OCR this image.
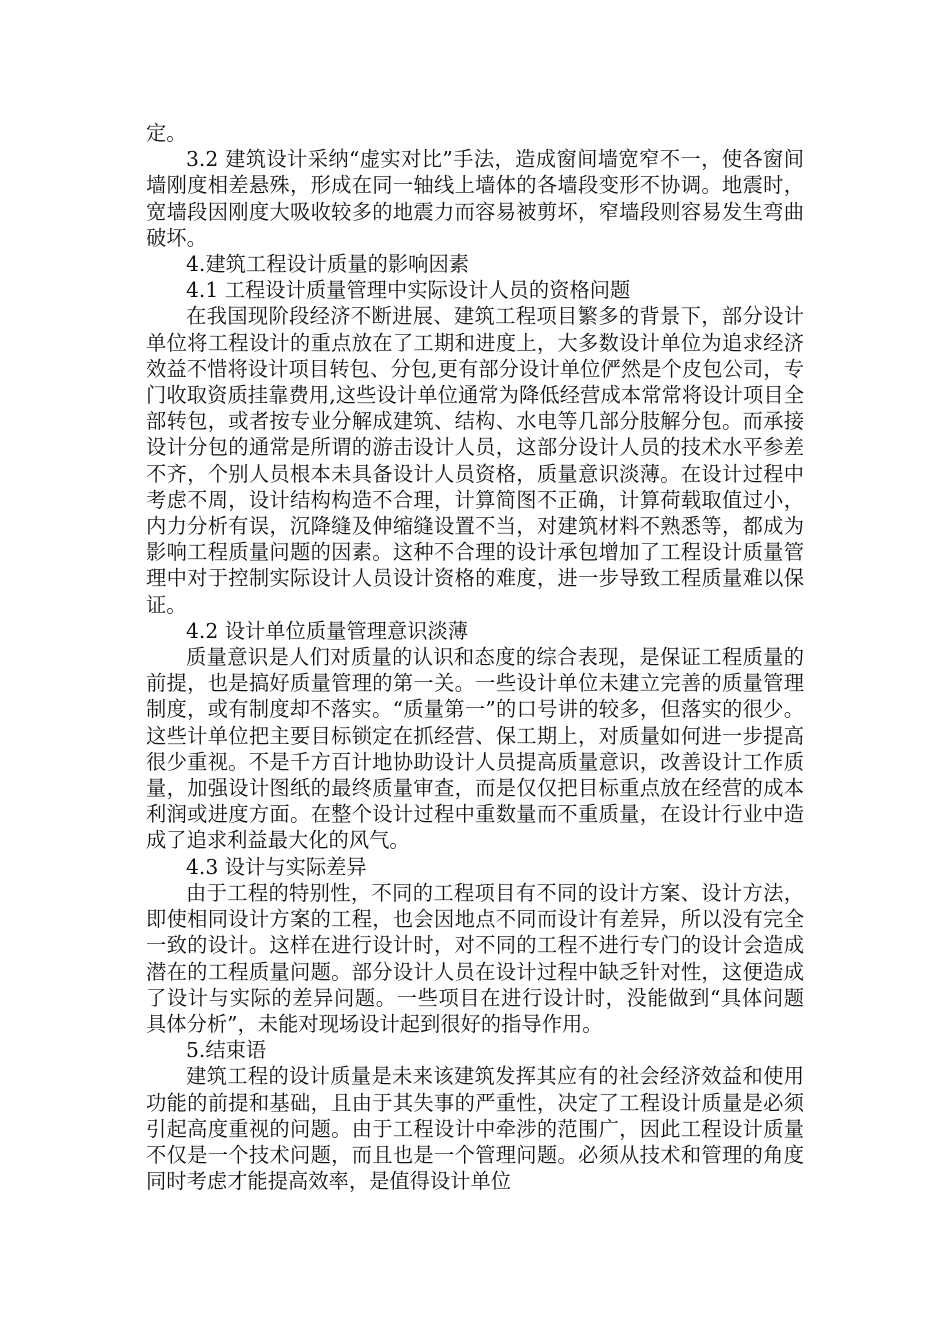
定。

3.2 建筑设计采纳“虚实对比”手法，造成窗间墙宽窄不一，使各窗间墙刚度相差悬殊，形成在同一轴线上墙体的各墙段变形不协调。地震时，宽墙段因刚度大吸收较多的地震力而容易被剪坏，窄墙段则容易发生弯曲破坏。

4.建筑工程设计质量的影响因素

4.1 工程设计质量管理中实际设计人员的资格问题

在我国现阶段经济不断进展、建筑工程项目繁多的背景下，部分设计单位将工程设计的重点放在了工期和进度上，大多数设计单位为追求经济效益不惜将设计项目转包、分包,更有部分设计单位俨然是个皮包公司，专门收取资质挂靠费用,这些设计单位通常为降低经营成本常常将设计项目全部转包，或者按专业分解成建筑、结构、水电等几部分肢解分包。而承接设计分包的通常是所谓的游击设计人员，这部分设计人员的技术水平参差不齐，个别人员根本未具备设计人员资格，质量意识淡薄。在设计过程中考虑不周，设计结构构造不合理，计算简图不正确，计算荷载取值过小，内力分析有误，沉降缝及伸缩缝设置不当，对建筑材料不熟悉等，都成为影响工程质量问题的因素。这种不合理的设计承包增加了工程设计质量管理中对于控制实际设计人员设计资格的难度，进一步导致工程质量难以保证。

4.2 设计单位质量管理意识淡薄

质量意识是人们对质量的认识和态度的综合表现，是保证工程质量的前提，也是搞好质量管理的第一关。一些设计单位未建立完善的质量管理制度，或有制度却不落实。“质量第一”的口号讲的较多，但落实的很少。这些计单位把主要目标锁定在抓经营、保工期上，对质量如何进一步提高很少重视。不是千方百计地协助设计人员提高质量意识，改善设计工作质量，加强设计图纸的最终质量审查，而是仅仅把目标重点放在经营的成本利润或进度方面。在整个设计过程中重数量而不重质量，在设计行业中造成了追求利益最大化的风气。

4.3 设计与实际差异

由于工程的特别性，不同的工程项目有不同的设计方案、设计方法，即使相同设计方案的工程，也会因地点不同而设计有差异，所以没有完全一致的设计。这样在进行设计时，对不同的工程不进行专门的设计会造成潜在的工程质量问题。部分设计人员在设计过程中缺乏针对性，这便造成了设计与实际的差异问题。一些项目在进行设计时，没能做到“具体问题具体分析”，未能对现场设计起到很好的指导作用。

5.结束语

建筑工程的设计质量是未来该建筑发挥其应有的社会经济效益和使用功能的前提和基础，且由于其失事的严重性，决定了工程设计质量是必须引起高度重视的问题。由于工程设计中牵涉的范围广，因此工程设计质量不仅是一个技术问题，而且也是一个管理问题。必须从技术和管理的角度同时考虑才能提高效率，是值得设计单位
